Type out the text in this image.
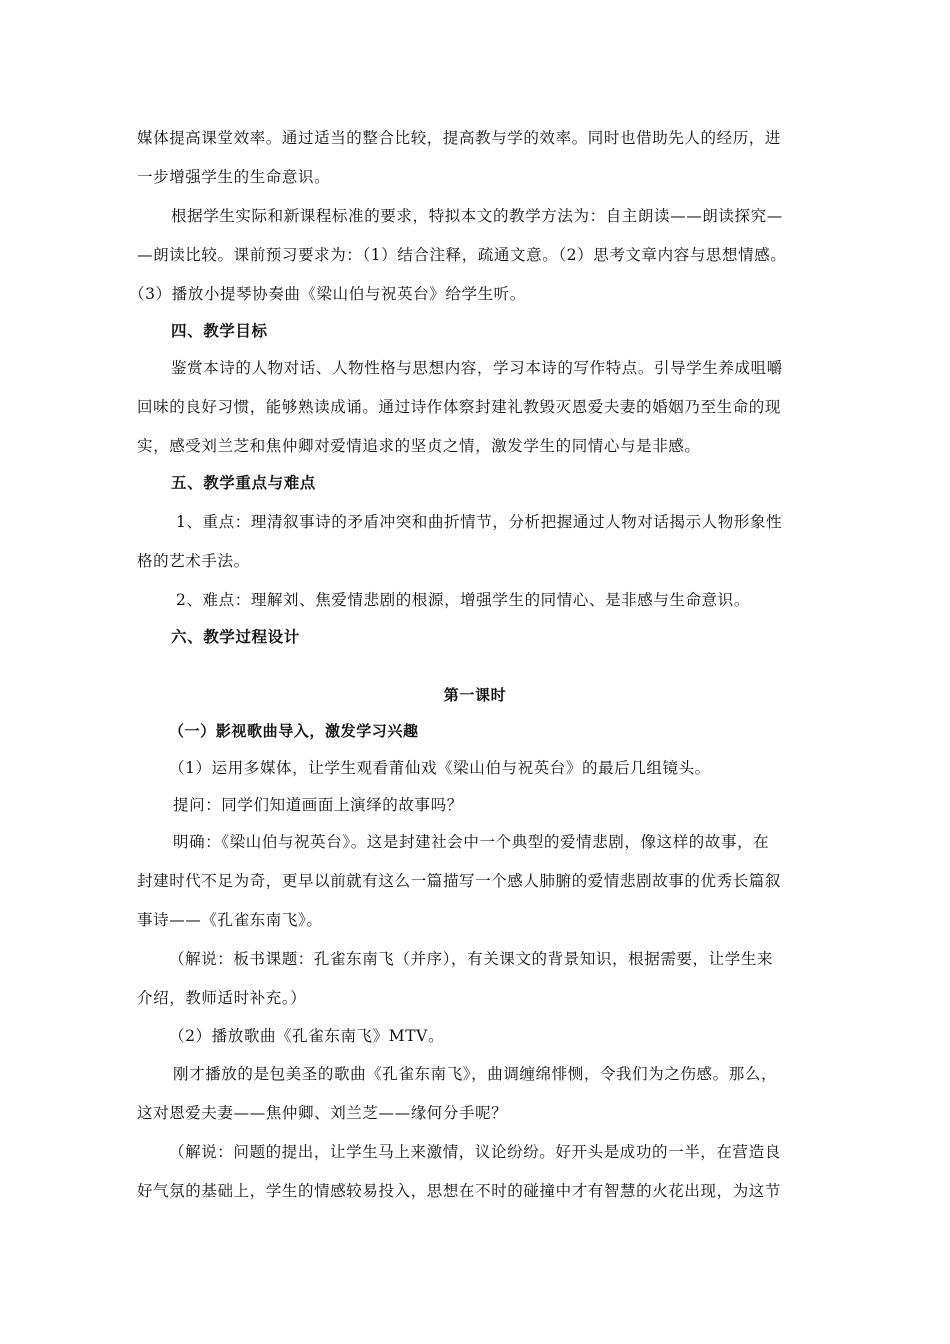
媒体提高课堂效率。通过适当的整合比较，提高教与学的效率。同时也借助先人的经历，进
一步增强学生的生命意识。
根据学生实际和新课程标准的要求，特拟本文的教学方法为：自主朗读——朗读探究—
—朗读比较。课前预习要求为：（1）结合注释，疏通文意。（2）思考文章内容与思想情感。
（3）播放小提琴协奏曲《梁山伯与祝英台》给学生听。
四、教学目标
鉴赏本诗的人物对话、人物性格与思想内容，学习本诗的写作特点。引导学生养成咀嚼
回味的良好习惯，能够熟读成诵。通过诗作体察封建礼教毁灭恩爱夫妻的婚姻乃至生命的现
实，感受刘兰芝和焦仲卿对爱情追求的坚贞之情，激发学生的同情心与是非感。
五、教学重点与难点
1、重点：理清叙事诗的矛盾冲突和曲折情节，分析把握通过人物对话揭示人物形象性
格的艺术手法。
2、难点：理解刘、焦爱情悲剧的根源，增强学生的同情心、是非感与生命意识。
六、教学过程设计
第一课时
（一）影视歌曲导入，激发学习兴趣
（1）运用多媒体，让学生观看莆仙戏《梁山伯与祝英台》的最后几组镜头。
提问：同学们知道画面上演绎的故事吗？
明确：《梁山伯与祝英台》。这是封建社会中一个典型的爱情悲剧，像这样的故事，在
封建时代不足为奇，更早以前就有这么一篇描写一个感人肺腑的爱情悲剧故事的优秀长篇叙
事诗——《孔雀东南飞》。
（解说：板书课题：孔雀东南飞（并序），有关课文的背景知识，根据需要，让学生来
介绍，教师适时补充。）
（2）播放歌曲《孔雀东南飞》MTV。
刚才播放的是包美圣的歌曲《孔雀东南飞》，曲调缠绵悱恻，令我们为之伤感。那么，
这对恩爱夫妻——焦仲卿、刘兰芝——缘何分手呢？
（解说：问题的提出，让学生马上来激情，议论纷纷。好开头是成功的一半，在营造良
好气氛的基础上，学生的情感较易投入，思想在不时的碰撞中才有智慧的火花出现，为这节
